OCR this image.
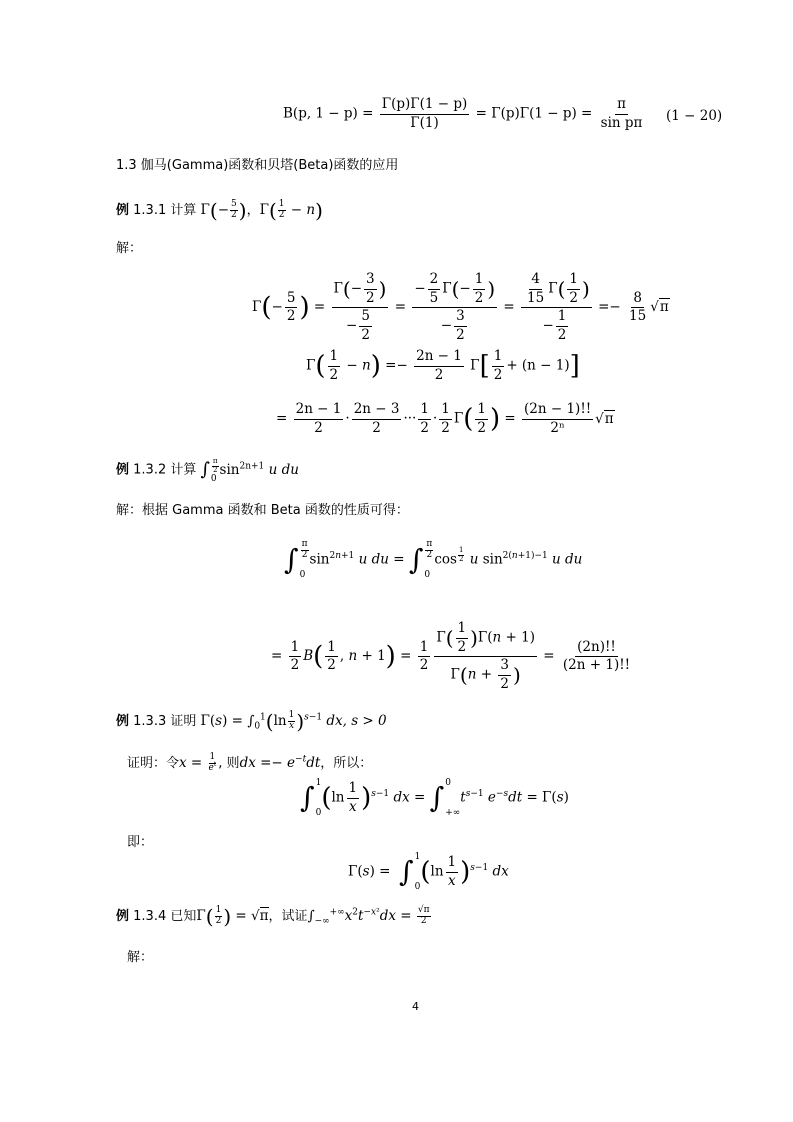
B(p, $1 - p) = \frac{\Gamma(p)\Gamma(1 - p)}{\Gamma(1)} = \Gamma(p)\Gamma(1 - p) = \frac{\pi}{\text{sin pπ}} (1 - 20)$
1.3 伽马(Gamma)函数和贝塔(Beta)函数的应用
例 1.3.1 计算 $\Gamma(- \frac{5}{2}$ )，$\Gamma( \frac{1}{2} - n)$
解：
$\Gamma(- \frac{5}{2}$ ) = $\frac{\Gamma(- \frac{3}{2} )}{- \frac{5}{2}} = \frac{- \frac{2}{5} \Gamma(- \frac{1}{2} )}{- \frac{3}{2}} = \frac{\frac{4}{15} \Gamma( \frac{1}{2} )}{- \frac{1}{2}} =- \frac{8}{15} √\pi$
$\Gamma( \frac{1}{2} - n) =- \frac{2n - 1}{2} \Gamma[ \frac{1}{2} + (n - 1)]$
= $\frac{2n - 1}{2} \cdot \frac{2n - 3}{2}$ ··· $\frac{1}{2} \cdot \frac{1}{2} \Gamma( \frac{1}{2}$ ) = $\frac{(2n - 1)!!}{\text{2ⁿ}} √\pi$
例 1.3.2 计算 ∫ $\frac{\pi}{2}$
0
$\sin^{2n+1} u$ du
解：根据 Gamma 函数和 Beta 函数的性质可得：
∫ $\frac{\pi}{2}$
0
$\sin^{2n+1} u$ du = ∫ $\frac{\pi}{2}$
0
cos $^{\frac{1}{2}}$ u $\sin^{2(n+1)-1} u$ du
= $\frac{1}{2} B( \frac{1}{2}$ , $n + 1) = \frac{1}{2} \frac{\Gamma( \frac{1}{2} )\Gamma(n + 1)}{\Gamma(n + \frac{3}{2} )} = \frac{(2n)!!}{(2n + 1)!!}$
例 1.3.3 证明 $\Gamma(s) = \int_0^1(\ln \frac{1}{x} )^{s-1}$ dx, s > 0
证明：令$x = \frac{1}{e^t}$ , 则dx =− $e^{-t}dt$，所以：
∫ 1
0 $(\ln \frac{1}{x} )^{s-1}$ dx = ∫ 0
+∞
$t^{s-1}$ $e^{-s}dt = \Gamma(s)$
即：
Γ(s) = ∫ 1
0 $(\ln \frac{1}{x} )^{s-1}$ dx
例 1.3.4 已知$\Gamma( \frac{1}{2}$ ) = √π，试证$\int_{-\infty}^{+\infty}x^2t^{-x^2}dx = \frac{√\pi}{2}$
解：
4
